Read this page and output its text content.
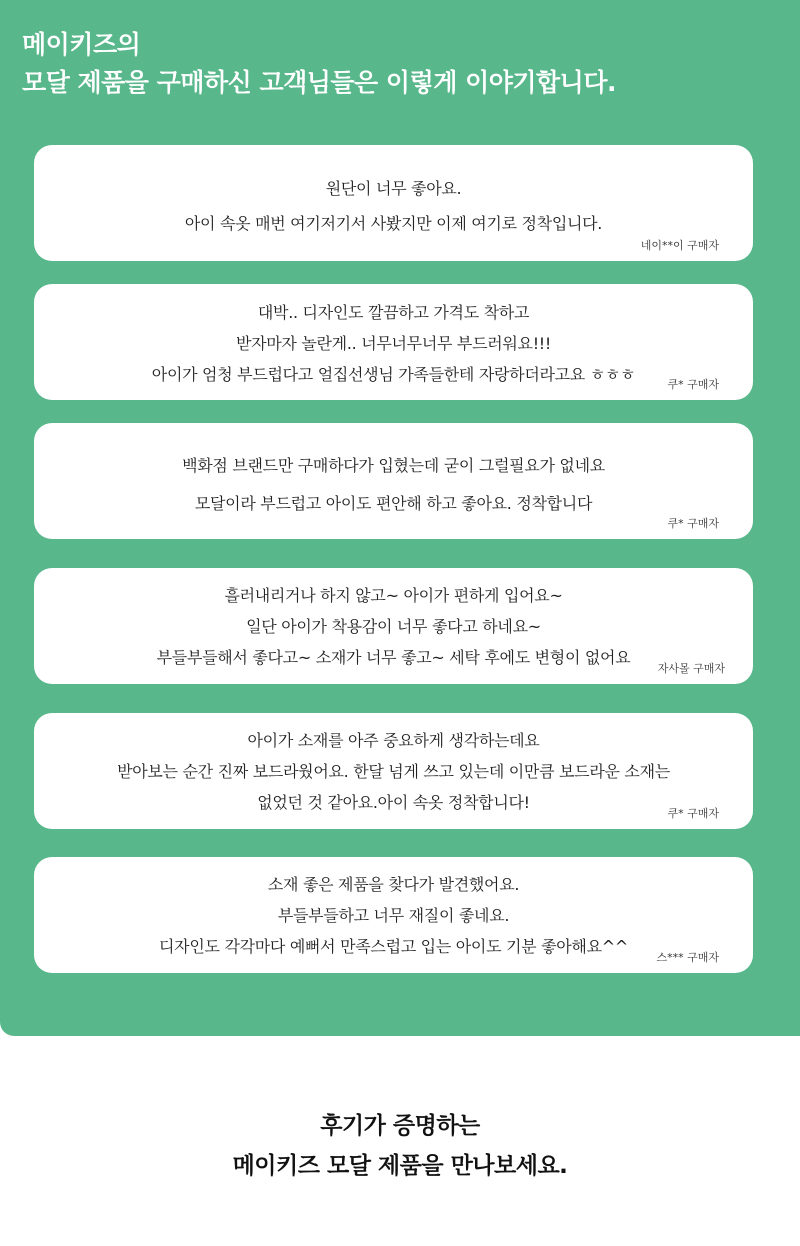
메이키즈의
모달 제품을 구매하신 고객님들은 이렇게 이야기합니다.
원단이 너무 좋아요.
아이 속옷 매번 여기저기서 사봤지만 이제 여기로 정착입니다.
네이**이 구매자
대박.. 디자인도 깔끔하고 가격도 착하고
받자마자 놀란게.. 너무너무너무 부드러워요!!!
아이가 엄청 부드럽다고 얼집선생님 가족들한테 자랑하더라고요 ㅎㅎㅎ
쿠* 구매자
백화점 브랜드만 구매하다가 입혔는데 굳이 그럴필요가 없네요
모달이라 부드럽고 아이도 편안해 하고 좋아요. 정착합니다
쿠* 구매자
흘러내리거나 하지 않고~ 아이가 편하게 입어요~
일단 아이가 착용감이 너무 좋다고 하네요~
부들부들해서 좋다고~ 소재가 너무 좋고~ 세탁 후에도 변형이 없어요
자사몰 구매자
아이가 소재를 아주 중요하게 생각하는데요
받아보는 순간 진짜 보드라웠어요. 한달 넘게 쓰고 있는데 이만큼 보드라운 소재는
없었던 것 같아요.아이 속옷 정착합니다!
쿠* 구매자
소재 좋은 제품을 찾다가 발견했어요.
부들부들하고 너무 재질이 좋네요.
디자인도 각각마다 예뻐서 만족스럽고 입는 아이도 기분 좋아해요^^
스*** 구매자
후기가 증명하는
메이키즈 모달 제품을 만나보세요.
